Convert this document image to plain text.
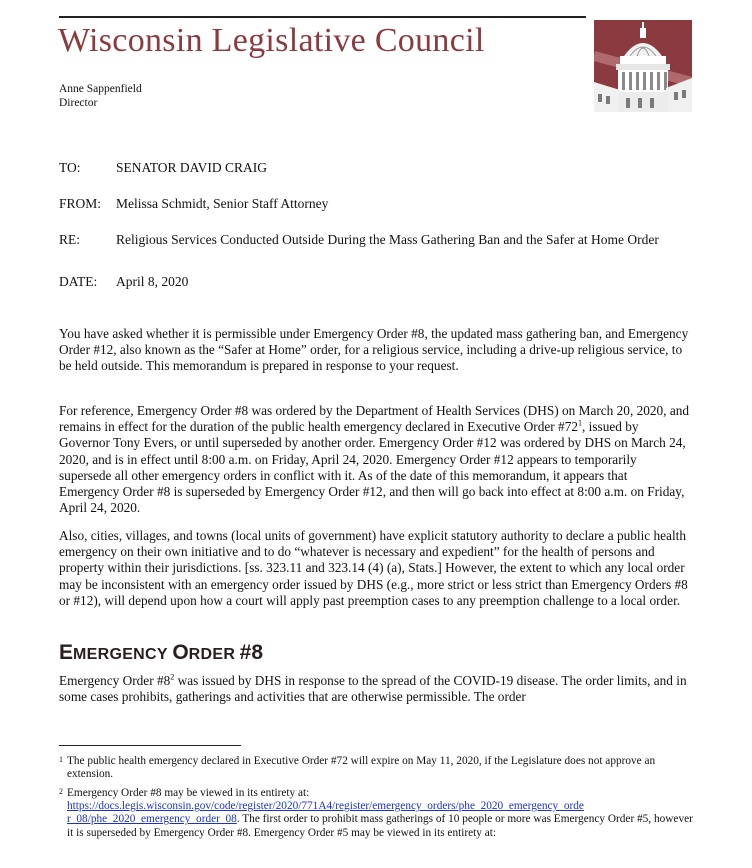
Wisconsin Legislative Council
Anne Sappenfield
Director
TO:	SENATOR DAVID CRAIG
FROM:	Melissa Schmidt, Senior Staff Attorney
RE:	Religious Services Conducted Outside During the Mass Gathering Ban and the Safer at Home Order
DATE:	April 8, 2020
You have asked whether it is permissible under Emergency Order #8, the updated mass gathering ban, and Emergency Order #12, also known as the “Safer at Home” order, for a religious service, including a drive-up religious service, to be held outside. This memorandum is prepared in response to your request.
For reference, Emergency Order #8 was ordered by the Department of Health Services (DHS) on March 20, 2020, and remains in effect for the duration of the public health emergency declared in Executive Order $\#72^1$, issued by Governor Tony Evers, or until superseded by another order. Emergency Order #12 was ordered by DHS on March 24, 2020, and is in effect until 8:00 a.m. on Friday, April 24, 2020. Emergency Order #12 appears to temporarily supersede all other emergency orders in conflict with it. As of the date of this memorandum, it appears that Emergency Order #8 is superseded by Emergency Order #12, and then will go back into effect at 8:00 a.m. on Friday, April 24, 2020.
Also, cities, villages, and towns (local units of government) have explicit statutory authority to declare a public health emergency on their own initiative and to do “whatever is necessary and expedient” for the health of persons and property within their jurisdictions. [ss. 323.11 and 323.14 (4) (a), Stats.] However, the extent to which any local order may be inconsistent with an emergency order issued by DHS (e.g., more strict or less strict than Emergency Orders #8 or #12), will depend upon how a court will apply past preemption cases to any preemption challenge to a local order.
EMERGENCY ORDER #8
Emergency Order $\#8^2$ was issued by DHS in response to the spread of the COVID-19 disease. The order limits, and in some cases prohibits, gatherings and activities that are otherwise permissible. The order
1 The public health emergency declared in Executive Order #72 will expire on May 11, 2020, if the Legislature does not approve an extension.
2 Emergency Order #8 may be viewed in its entirety at:
https://docs.legis.wisconsin.gov/code/register/2020/771A4/register/emergency_orders/phe_2020_emergency_orde
r_08/phe_2020_emergency_order_08. The first order to prohibit mass gatherings of 10 people or more was Emergency Order #5, however it is superseded by Emergency Order #8. Emergency Order #5 may be viewed in its entirety at:
